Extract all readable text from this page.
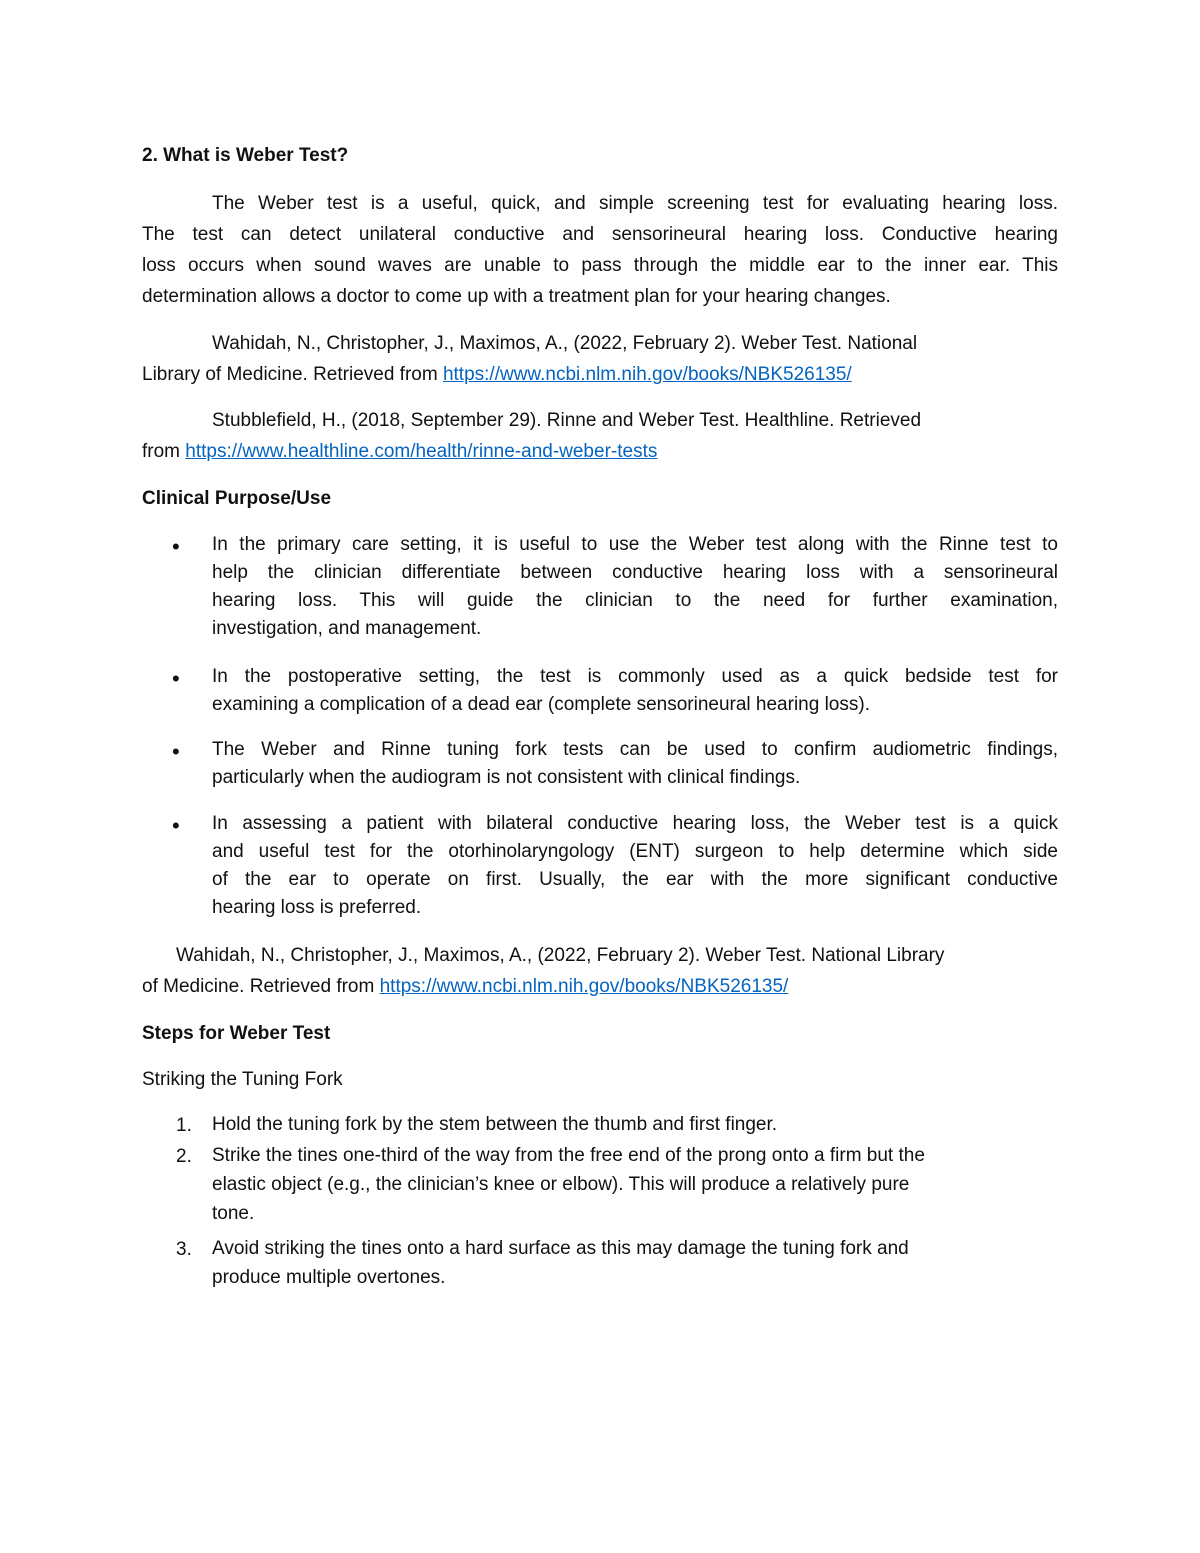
2. What is Weber Test?
The Weber test is a useful, quick, and simple screening test for evaluating hearing loss.
The test can detect unilateral conductive and sensorineural hearing loss. Conductive hearing
loss occurs when sound waves are unable to pass through the middle ear to the inner ear. This
determination allows a doctor to come up with a treatment plan for your hearing changes.
Wahidah, N., Christopher, J., Maximos, A., (2022, February 2). Weber Test. National
Library of Medicine. Retrieved from https://www.ncbi.nlm.nih.gov/books/NBK526135/
Stubblefield, H., (2018, September 29). Rinne and Weber Test. Healthline. Retrieved
from https://www.healthline.com/health/rinne-and-weber-tests
Clinical Purpose/Use
•	In the primary care setting, it is useful to use the Weber test along with the Rinne test to
help the clinician differentiate between conductive hearing loss with a sensorineural
hearing loss. This will guide the clinician to the need for further examination,
investigation, and management.
•	In the postoperative setting, the test is commonly used as a quick bedside test for
examining a complication of a dead ear (complete sensorineural hearing loss).
•	The Weber and Rinne tuning fork tests can be used to confirm audiometric findings,
particularly when the audiogram is not consistent with clinical findings.
•	In assessing a patient with bilateral conductive hearing loss, the Weber test is a quick
and useful test for the otorhinolaryngology (ENT) surgeon to help determine which side
of the ear to operate on first. Usually, the ear with the more significant conductive
hearing loss is preferred.
Wahidah, N., Christopher, J., Maximos, A., (2022, February 2). Weber Test. National Library
of Medicine. Retrieved from https://www.ncbi.nlm.nih.gov/books/NBK526135/
Steps for Weber Test
Striking the Tuning Fork
1. Hold the tuning fork by the stem between the thumb and first finger.
2. Strike the tines one-third of the way from the free end of the prong onto a firm but the
elastic object (e.g., the clinician’s knee or elbow). This will produce a relatively pure
tone.
3. Avoid striking the tines onto a hard surface as this may damage the tuning fork and
produce multiple overtones.
